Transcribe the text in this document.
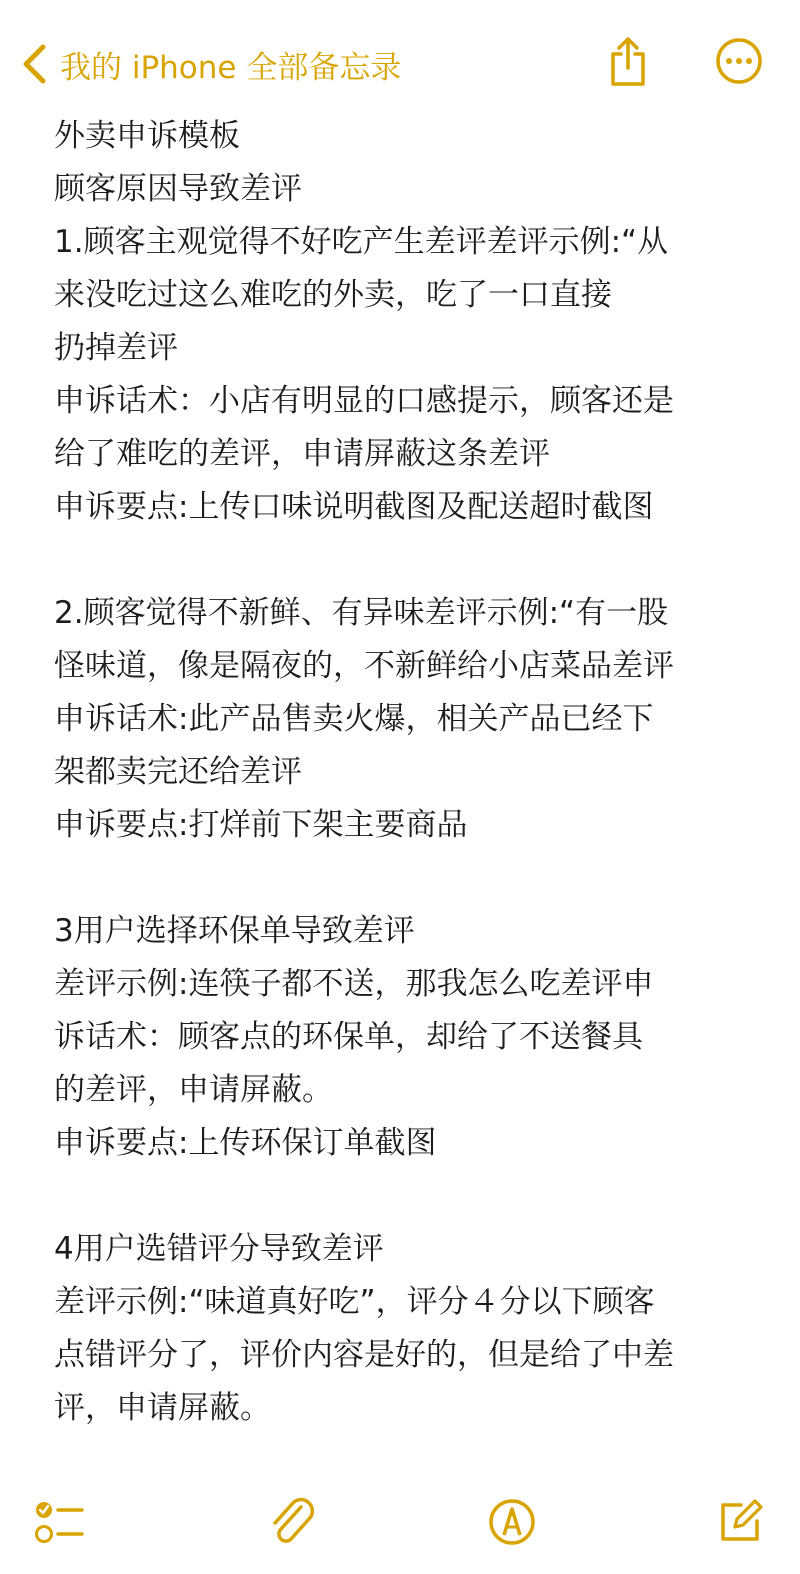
我的 iPhone 全部备忘录
外卖申诉模板
顾客原因导致差评
1.顾客主观觉得不好吃产生差评差评示例:“从
来没吃过这么难吃的外卖，吃了一口直接
扔掉差评
申诉话术：小店有明显的口感提示，顾客还是
给了难吃的差评，申请屏蔽这条差评
申诉要点:上传口味说明截图及配送超时截图
2.顾客觉得不新鲜、有异味差评示例:“有一股
怪味道，像是隔夜的，不新鲜给小店菜品差评
申诉话术:此产品售卖火爆，相关产品已经下
架都卖完还给差评
申诉要点:打烊前下架主要商品
3用户选择环保单导致差评
差评示例:连筷子都不送，那我怎么吃差评申
诉话术：顾客点的环保单，却给了不送餐具
的差评，申请屏蔽。
申诉要点:上传环保订单截图
4用户选错评分导致差评
差评示例:“味道真好吃”，评分４分以下顾客
点错评分了，评价内容是好的，但是给了中差
评，申请屏蔽。
